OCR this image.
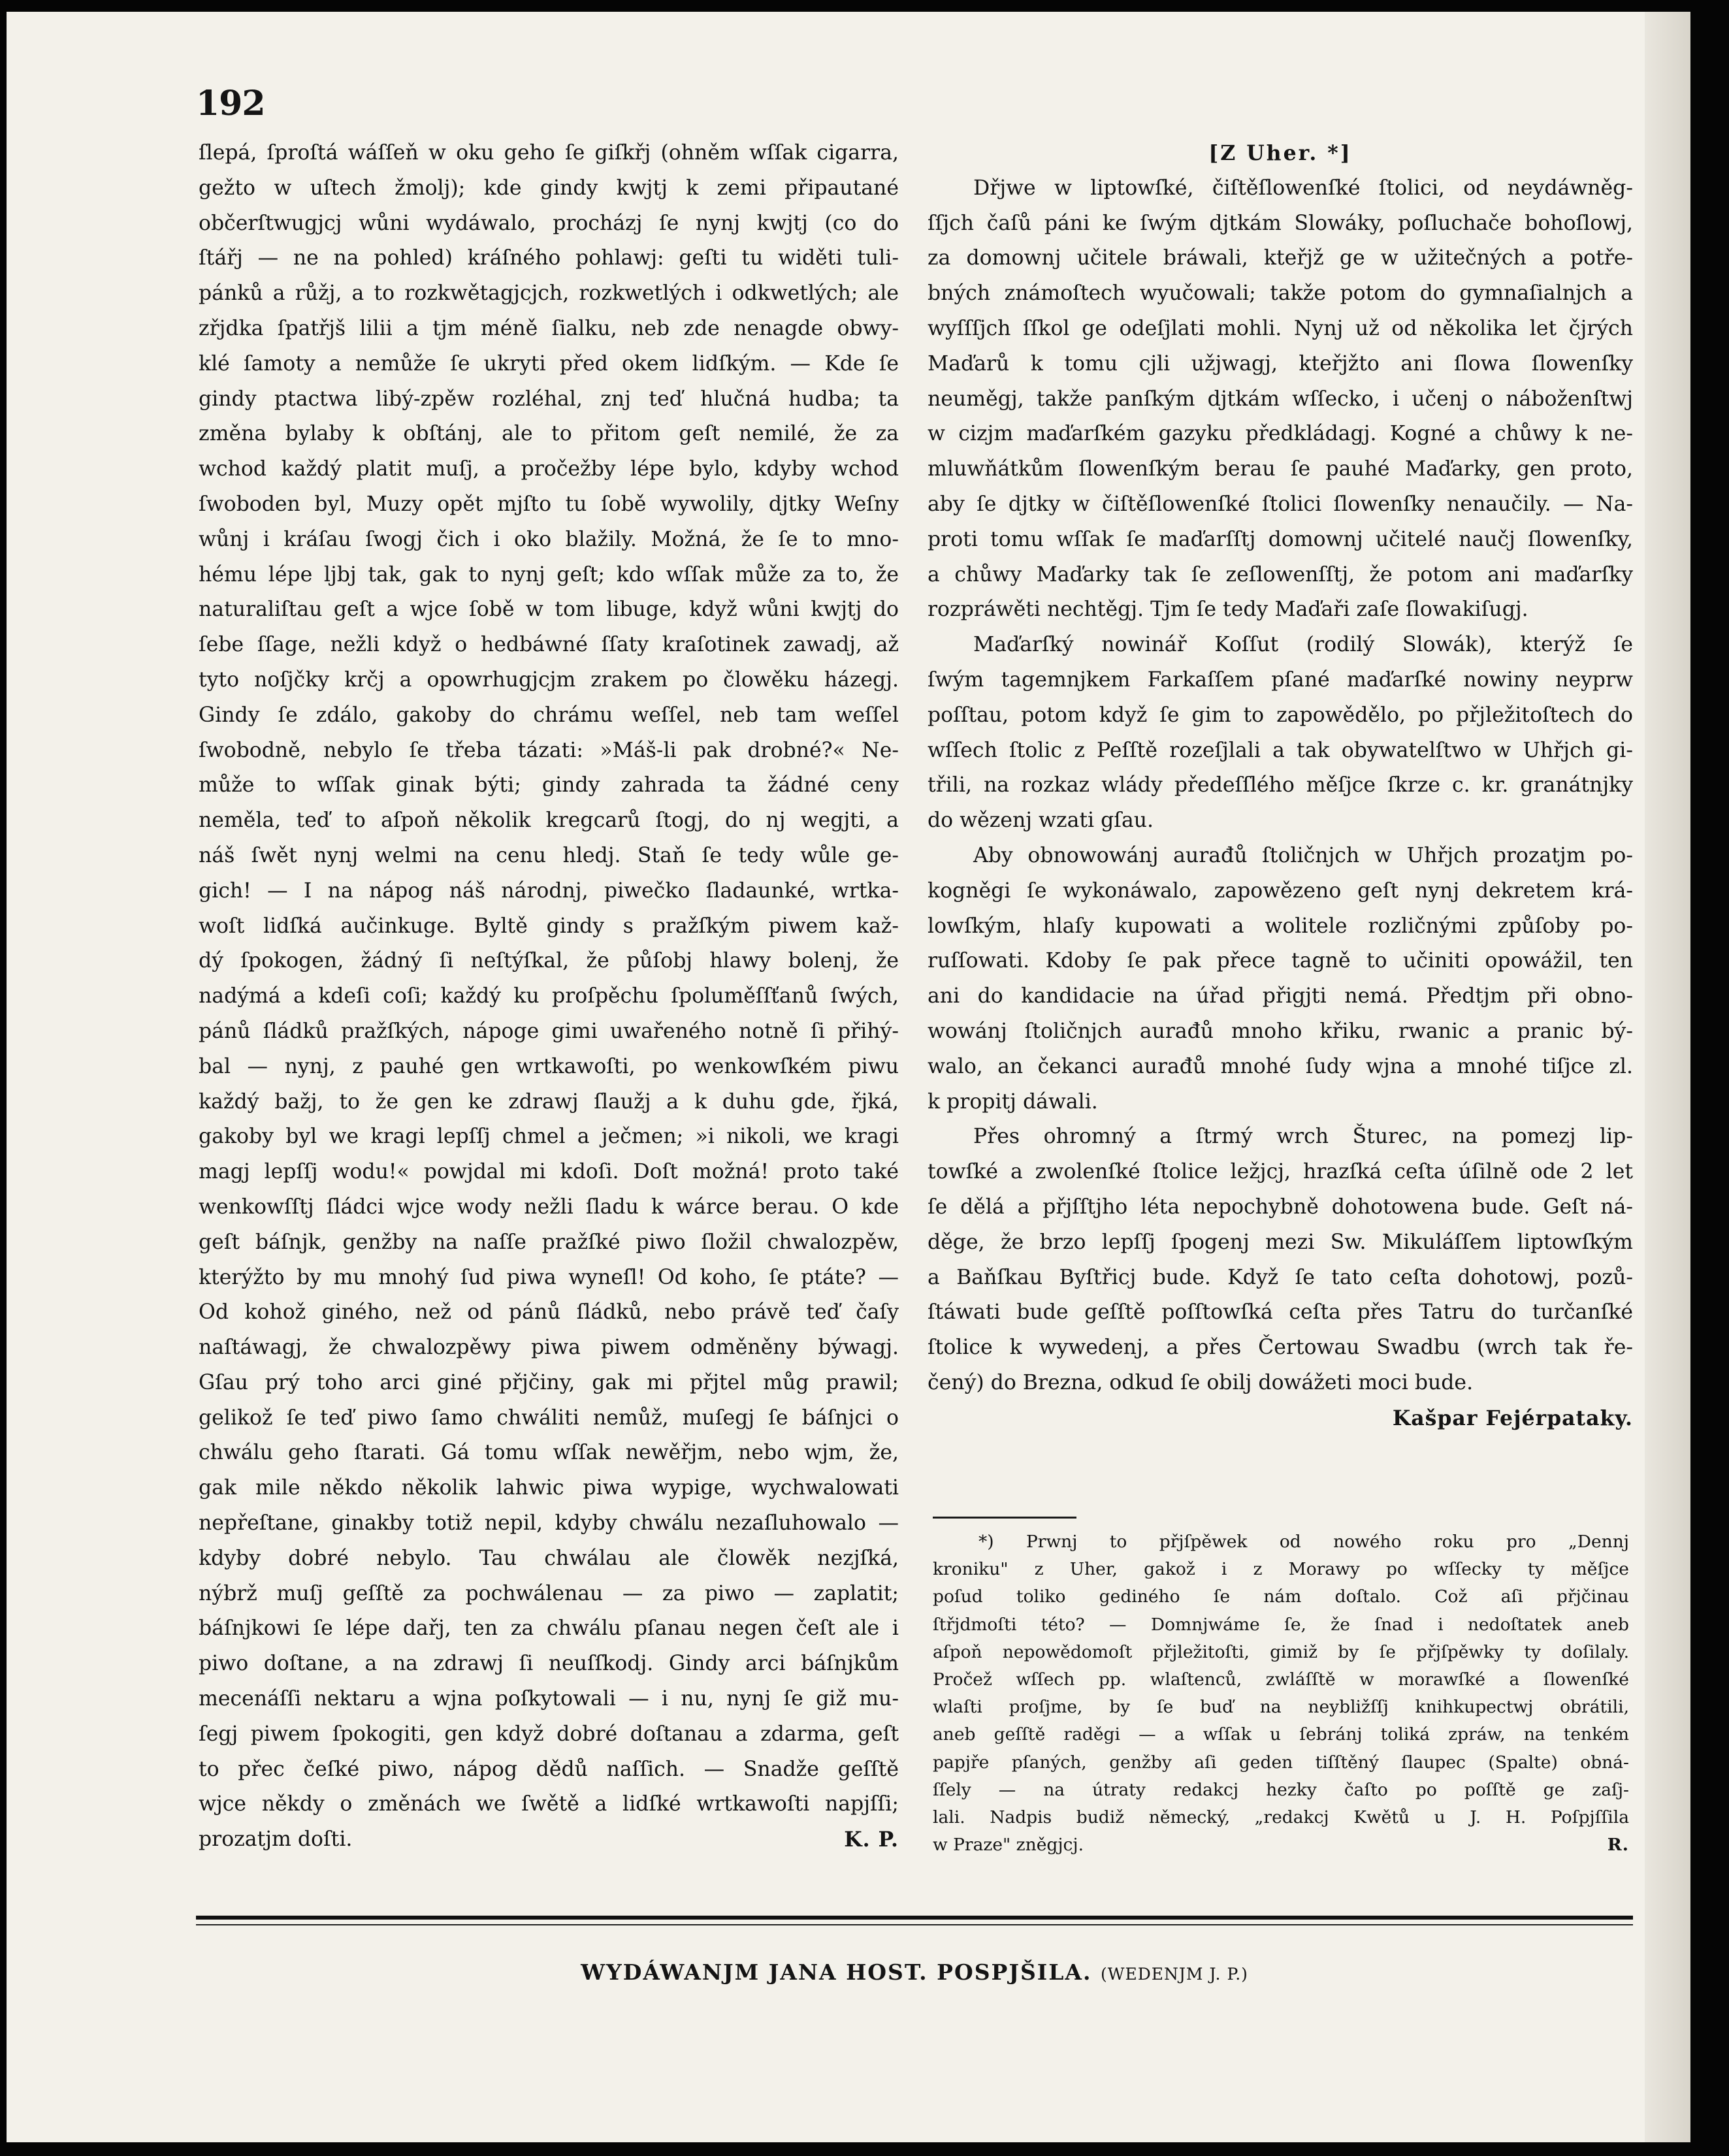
192
ſlepá, ſproſtá wáſſeň w oku geho ſe giſkřj (ohněm wſſak cigarra,
gežto w uſtech žmolj); kde gindy kwjtj k zemi připautané
občerſtwugjcj wůni wydáwalo, procházj ſe nynj kwjtj (co do
ſtářj — ne na pohled) kráſného pohlawj: geſti tu widěti tuli-
pánků a růžj, a to rozkwětagjcjch, rozkwetlých i odkwetlých; ale
zřjdka ſpatřjš lilii a tjm méně ſialku, neb zde nenagde obwy-
klé ſamoty a nemůže ſe ukryti před okem lidſkým. — Kde ſe
gindy ptactwa libý-zpěw rozléhal, znj teď hlučná hudba; ta
změna bylaby k obſtánj, ale to přitom geſt nemilé, že za
wchod každý platit muſj, a pročežby lépe bylo, kdyby wchod
ſwoboden byl, Muzy opět mjſto tu ſobě wywolily, djtky Weſny
wůnj i kráſau ſwogj čich i oko blažily. Možná, že ſe to mno-
hému lépe ljbj tak, gak to nynj geſt; kdo wſſak může za to, že
naturaliſtau geſt a wjce ſobě w tom libuge, když wůni kwjtj do
ſebe ſſage, nežli když o hedbáwné ſſaty kraſotinek zawadj, až
tyto noſjčky krčj a opowrhugjcjm zrakem po člowěku házegj.
Gindy ſe zdálo, gakoby do chrámu weſſel, neb tam weſſel
ſwobodně, nebylo ſe třeba tázati: »Máš-li pak drobné?« Ne-
může to wſſak ginak býti; gindy zahrada ta žádné ceny
neměla, teď to aſpoň několik kregcarů ſtogj, do nj wegjti, a
náš ſwět nynj welmi na cenu hledj. Staň ſe tedy wůle ge-
gich! — I na nápog náš národnj, piwečko ſladaunké, wrtka-
woſt lidſká aučinkuge. Byltě gindy s pražſkým piwem kaž-
dý ſpokogen, žádný ſi neſtýſkal, že půſobj hlawy bolenj, že
nadýmá a kdeſi coſi; každý ku proſpěchu ſpoluměſſťanů ſwých,
pánů ſládků pražſkých, nápoge gimi uwařeného notně ſi přihý-
bal — nynj, z pauhé gen wrtkawoſti, po wenkowſkém piwu
každý bažj, to že gen ke zdrawj ſlaužj a k duhu gde, řjká,
gakoby byl we kragi lepſſj chmel a ječmen; »i nikoli, we kragi
magj lepſſj wodu!« powjdal mi kdoſi. Doſt možná! proto také
wenkowſſtj ſládci wjce wody nežli ſladu k wárce berau. O kde
geſt báſnjk, genžby na naſſe pražſké piwo ſložil chwalozpěw,
kterýžto by mu mnohý ſud piwa wyneſl! Od koho, ſe ptáte? —
Od kohož giného, než od pánů ſládků, nebo právě teď čaſy
naſtáwagj, že chwalozpěwy piwa piwem odměněny býwagj.
Gſau prý toho arci giné přjčiny, gak mi přjtel můg prawil;
gelikož ſe teď piwo ſamo chwáliti nemůž, muſegj ſe báſnjci o
chwálu geho ſtarati. Gá tomu wſſak newěřjm, nebo wjm, že,
gak mile někdo několik lahwic piwa wypige, wychwalowati
nepřeſtane, ginakby totiž nepil, kdyby chwálu nezaſluhowalo —
kdyby dobré nebylo. Tau chwálau ale člowěk nezjſká,
nýbrž muſj geſſtě za pochwálenau — za piwo — zaplatit;
báſnjkowi ſe lépe dařj, ten za chwálu pſanau negen čeſt ale i
piwo doſtane, a na zdrawj ſi neuſſkodj. Gindy arci báſnjkům
mecenáſſi nektaru a wjna poſkytowali — i nu, nynj ſe giž mu-
ſegj piwem ſpokogiti, gen když dobré doſtanau a zdarma, geſt
to přec čeſké piwo, nápog dědů naſſich. — Snadže geſſtě
wjce někdy o změnách we ſwětě a lidſké wrtkawoſti napjſſi;
prozatjm doſti.	K. P.
[Z Uher. *]
Dřjwe w liptowſké, čiſtěſlowenſké ſtolici, od neydáwněg-
ſſjch čaſů páni ke ſwým djtkám Slowáky, poſluchače bohoſlowj,
za domownj učitele bráwali, kteřjž ge w užitečných a potře-
bných známoſtech wyučowali; takže potom do gymnaſialnjch a
wyſſſjch ſſkol ge odeſjlati mohli. Nynj už od několika let čjrých
Maďarů k tomu cjli užjwagj, kteřjžto ani ſlowa ſlowenſky
neuměgj, takže panſkým djtkám wſſecko, i učenj o náboženſtwj
w cizjm maďarſkém gazyku předkládagj. Kogné a chůwy k ne-
mluwňátkům ſlowenſkým berau ſe pauhé Maďarky, gen proto,
aby ſe djtky w čiſtěſlowenſké ſtolici ſlowenſky nenaučily. — Na-
proti tomu wſſak ſe maďarſſtj domownj učitelé naučj ſlowenſky,
a chůwy Maďarky tak ſe zeſlowenſſtj, že potom ani maďarſky
rozpráwěti nechtěgj. Tjm ſe tedy Maďaři zaſe ſlowakiſugj.
Maďarſký nowinář Koſſut (rodilý Slowák), kterýž ſe
ſwým tagemnjkem Farkaſſem pſané maďarſké nowiny neyprw
poſſtau, potom když ſe gim to zapowědělo, po přjležitoſtech do
wſſech ſtolic z Peſſtě rozeſjlali a tak obywatelſtwo w Uhřjch gi-
třili, na rozkaz wlády předeſſlého měſjce ſkrze c. kr. granátnjky
do wězenj wzati gſau.
Aby obnowowánj aurađů ſtoličnjch w Uhřjch prozatjm po-
kogněgi ſe wykonáwalo, zapowězeno geſt nynj dekretem krá-
lowſkým, hlaſy kupowati a wolitele rozličnými způſoby po-
ruſſowati. Kdoby ſe pak přece tagně to učiniti opowážil, ten
ani do kandidacie na úřad přigjti nemá. Předtjm při obno-
wowánj ſtoličnjch aurađů mnoho křiku, rwanic a pranic bý-
walo, an čekanci aurađů mnohé ſudy wjna a mnohé tiſjce zl.
k propitj dáwali.
Přes ohromný a ſtrmý wrch Šturec, na pomezj lip-
towſké a zwolenſké ſtolice ležjcj, hrazſká ceſta úſilně ode 2 let
ſe dělá a přjſſtjho léta nepochybně dohotowena bude. Geſt ná-
děge, že brzo lepſſj ſpogenj mezi Sw. Mikuláſſem liptowſkým
a Baňſkau Byſtřicj bude. Když ſe tato ceſta dohotowj, pozů-
ſtáwati bude geſſtě poſſtowſká ceſta přes Tatru do turčanſké
ſtolice k wywedenj, a přes Čertowau Swadbu (wrch tak ře-
čený) do Brezna, odkud ſe obilj dowážeti moci bude.
Kašpar Fejérpataky.
*) Prwnj to přjſpěwek od nowého roku pro „Dennj
kroniku" z Uher, gakož i z Morawy po wſſecky ty měſjce
poſud toliko gediného ſe nám doſtalo. Což aſi přjčinau
ſtřjdmoſti této? — Domnjwáme ſe, že ſnad i nedoſtatek aneb
aſpoň nepowědomoſt přjležitoſti, gimiž by ſe přjſpěwky ty doſilaly.
Pročež wſſech pp. wlaſtenců, zwláſſtě w morawſké a ſlowenſké
wlaſti proſjme, by ſe buď na neybližſſj knihkupectwj obrátili,
aneb geſſtě raděgi — a wſſak u ſebránj toliká zpráw, na tenkém
papjře pſaných, genžby aſi geden tiſſtěný ſlaupec (Spalte) obná-
ſſely — na útraty redakcj hezky čaſto po poſſtě ge zaſj-
lali. Nadpis budiž německý, „redakcj Kwětů u J. H. Poſpjſſila
w Praze" zněgjcj.	R.
WYDÁWANJM JANA HOST. POSPJŠILA. (WEDENJM J. P.)
